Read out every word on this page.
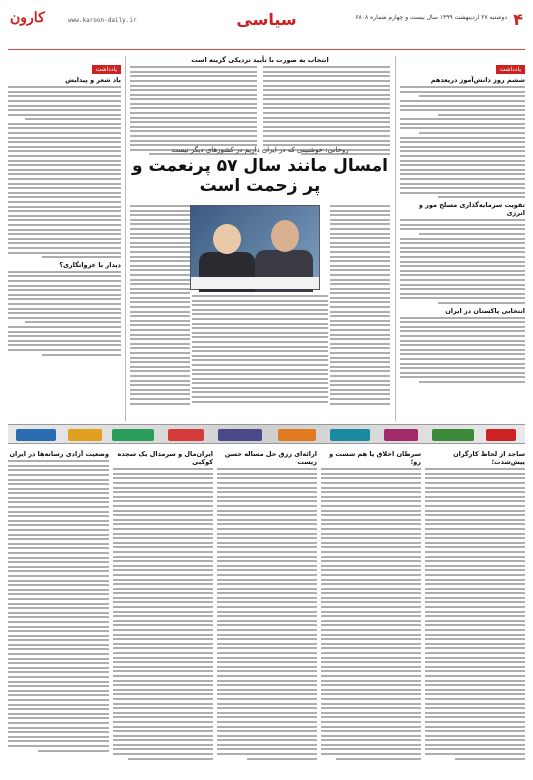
۴
دوشنبه ۲۷ اردیبهشت ۱۳۹۹ سال بیست و چهارم شماره ۶۸۰۸
سیاسی
کارون	www.karoon-daily.ir
یادداشت
ششم روز دانش‌آموز دریعدهم
تقویت سرمایه‌گذاری مسلح مور و انرژی
انتخابی پاکستان در ایران
یادداشت
یاد شعر و پیدایش
دیدار با عزوانگاری؟
انتخاب به صورت با تأیید نزدیکی گزینه است
روحانی: خوشبینی که در ایران داریم در کشورهای دیگر نیست
امسال مانند سال ۵۷ پرنعمت و پر زحمت است
ساجد از لحاظ کارگران پیش‌شدت؛
سرطان اخلاق یا هم شست و رو؛
ارائه‌ای رزق حل مساله حسن زیست
ایران‌مال و سرمدال یک سجده کوکبی
وضعیت آزادی رسانه‌ها در ایران
